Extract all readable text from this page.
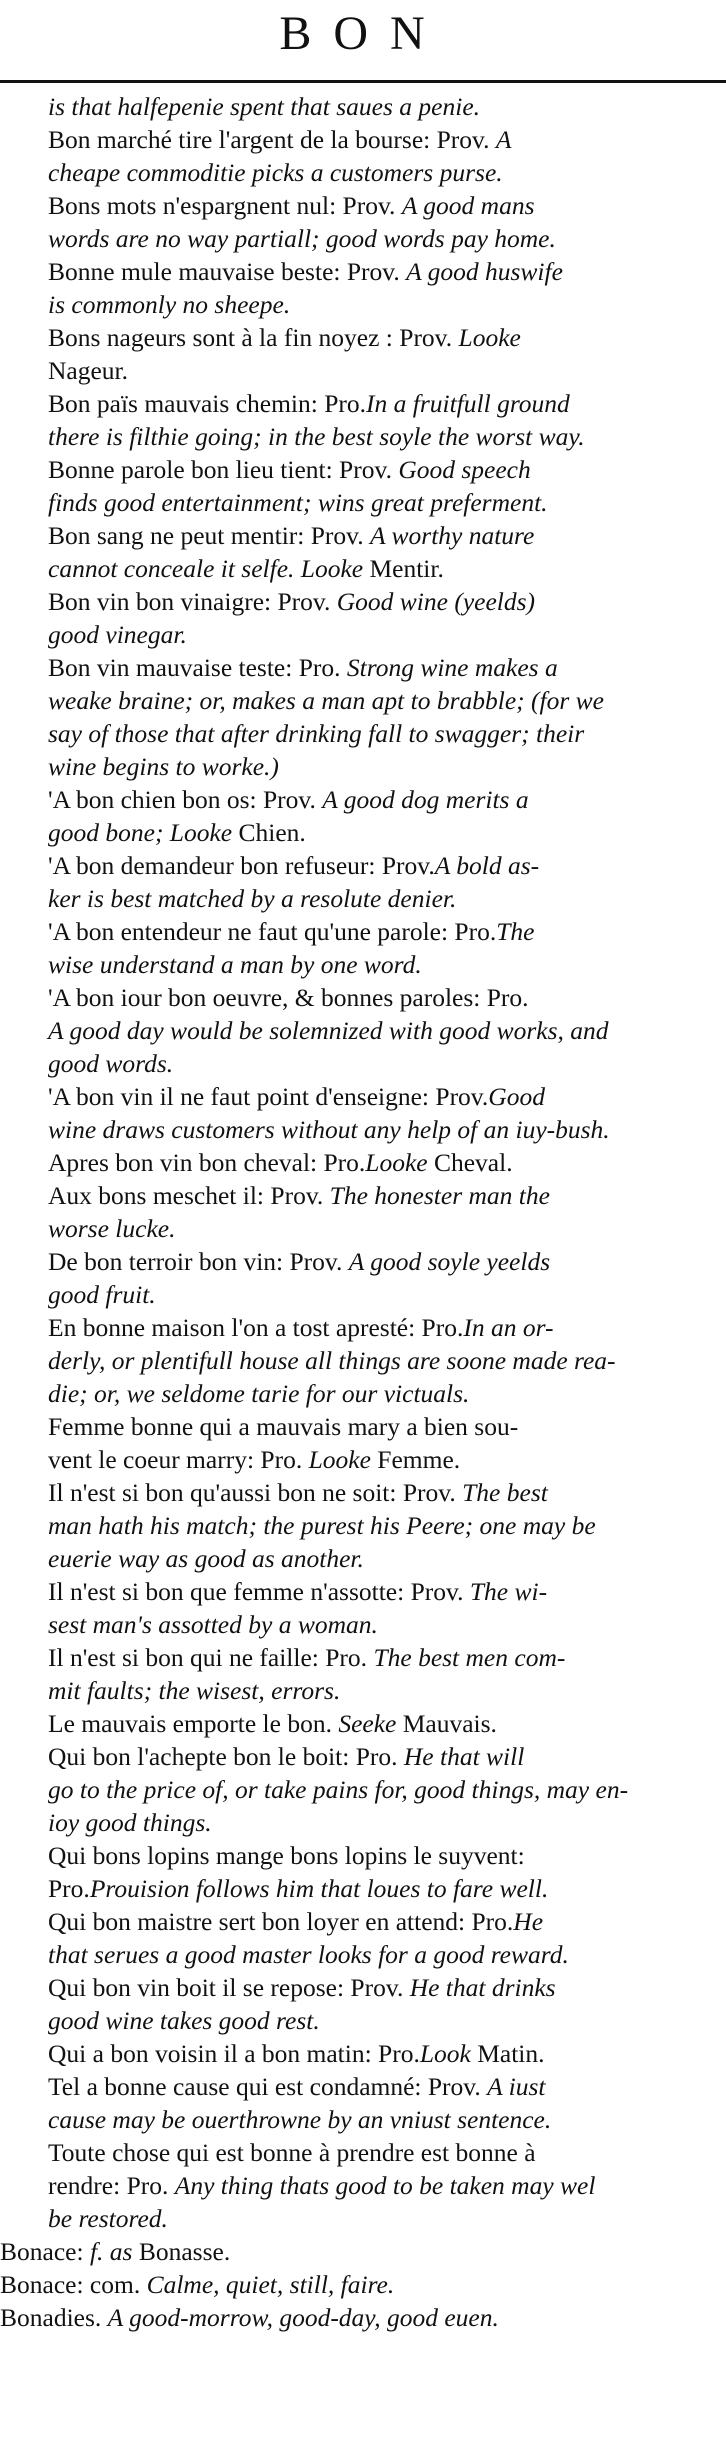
BON
is that halfepenie spent that saues a penie.
Bon marché tire l'argent de la bourse: Prov. A
cheape commoditie picks a customers purse.
Bons mots n'espargnent nul: Prov. A good mans
words are no way partiall; good words pay home.
Bonne mule mauvaise beste: Prov. A good huswife
is commonly no sheepe.
Bons nageurs sont à la fin noyez : Prov. Looke
Nageur.
Bon païs mauvais chemin: Pro.In a fruitfull ground
there is filthie going; in the best soyle the worst way.
Bonne parole bon lieu tient: Prov. Good speech
finds good entertainment; wins great preferment.
Bon sang ne peut mentir: Prov. A worthy nature
cannot conceale it selfe. Looke Mentir.
Bon vin bon vinaigre: Prov. Good wine (yeelds)
good vinegar.
Bon vin mauvaise teste: Pro. Strong wine makes a
weake braine; or, makes a man apt to brabble; (for we
say of those that after drinking fall to swagger; their
wine begins to worke.)
'A bon chien bon os: Prov. A good dog merits a
good bone; Looke Chien.
'A bon demandeur bon refuseur: Prov.A bold as-
ker is best matched by a resolute denier.
'A bon entendeur ne faut qu'une parole: Pro.The
wise understand a man by one word.
'A bon iour bon oeuvre, & bonnes paroles: Pro.
A good day would be solemnized with good works, and
good words.
'A bon vin il ne faut point d'enseigne: Prov.Good
wine draws customers without any help of an iuy-bush.
Apres bon vin bon cheval: Pro.Looke Cheval.
Aux bons meschet il: Prov. The honester man the
worse lucke.
De bon terroir bon vin: Prov. A good soyle yeelds
good fruit.
En bonne maison l'on a tost apresté: Pro.In an or-
derly, or plentifull house all things are soone made rea-
die; or, we seldome tarie for our victuals.
Femme bonne qui a mauvais mary a bien sou-
vent le coeur marry: Pro. Looke Femme.
Il n'est si bon qu'aussi bon ne soit: Prov. The best
man hath his match; the purest his Peere; one may be
euerie way as good as another.
Il n'est si bon que femme n'assotte: Prov. The wi-
sest man's assotted by a woman.
Il n'est si bon qui ne faille: Pro. The best men com-
mit faults; the wisest, errors.
Le mauvais emporte le bon. Seeke Mauvais.
Qui bon l'achepte bon le boit: Pro. He that will
go to the price of, or take pains for, good things, may en-
ioy good things.
Qui bons lopins mange bons lopins le suyvent:
Pro.Prouision follows him that loues to fare well.
Qui bon maistre sert bon loyer en attend: Pro.He
that serues a good master looks for a good reward.
Qui bon vin boit il se repose: Prov. He that drinks
good wine takes good rest.
Qui a bon voisin il a bon matin: Pro.Look Matin.
Tel a bonne cause qui est condamné: Prov. A iust
cause may be ouerthrowne by an vniust sentence.
Toute chose qui est bonne à prendre est bonne à
rendre: Pro. Any thing thats good to be taken may wel
be restored.
Bonace: f. as Bonasse.
Bonace: com. Calme, quiet, still, faire.
Bonadies. A good-morrow, good-day, good euen.
